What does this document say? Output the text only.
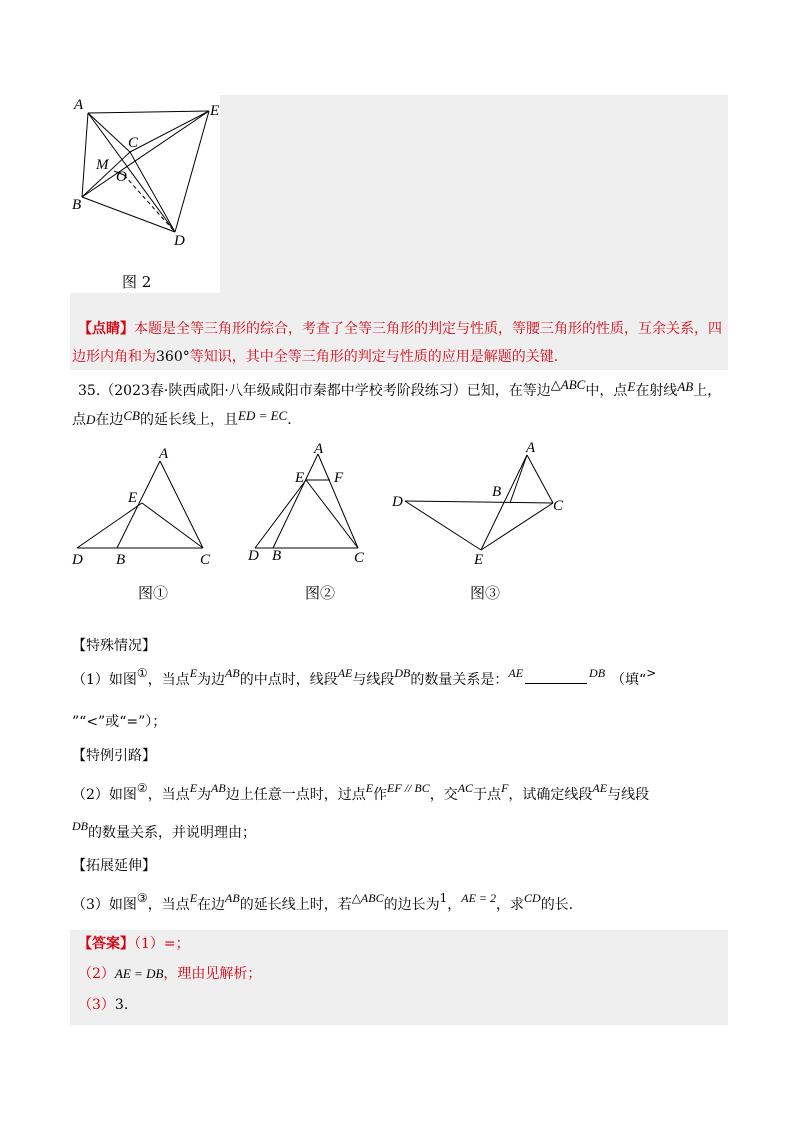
A	E
C
M
O
B
D
图 2
【点睛】本题是全等三角形的综合，考查了全等三角形的判定与性质，等腰三角形的性质，互余关系，四
边形内角和为360°等知识，其中全等三角形的判定与性质的应用是解题的关键.
35.（2023春·陕西咸阳·八年级咸阳市秦都中学校考阶段练习）已知，在等边△ABC中，点E在射线AB上，
点D在边CB的延长线上，且ED = EC.
A
E
D B	C
图①
A
E F
D B	C
图②
A
B
D	C
E
图③
【特殊情况】
（1）如图①，当点E为边AB的中点时，线段AE与线段DB的数量关系是：AE	DB （填“>
”“<”或“=”）；
【特例引路】
（2）如图②，当点E为AB边上任意一点时，过点E作EF // BC，交AC于点F，试确定线段AE与线段
DB的数量关系，并说明理由；
【拓展延伸】
（3）如图③，当点E在边AB的延长线上时，若△ABC的边长为1，AE = 2，求CD的长.
【答案】（1）=；
（2）AE = DB，理由见解析；
（3）3.
